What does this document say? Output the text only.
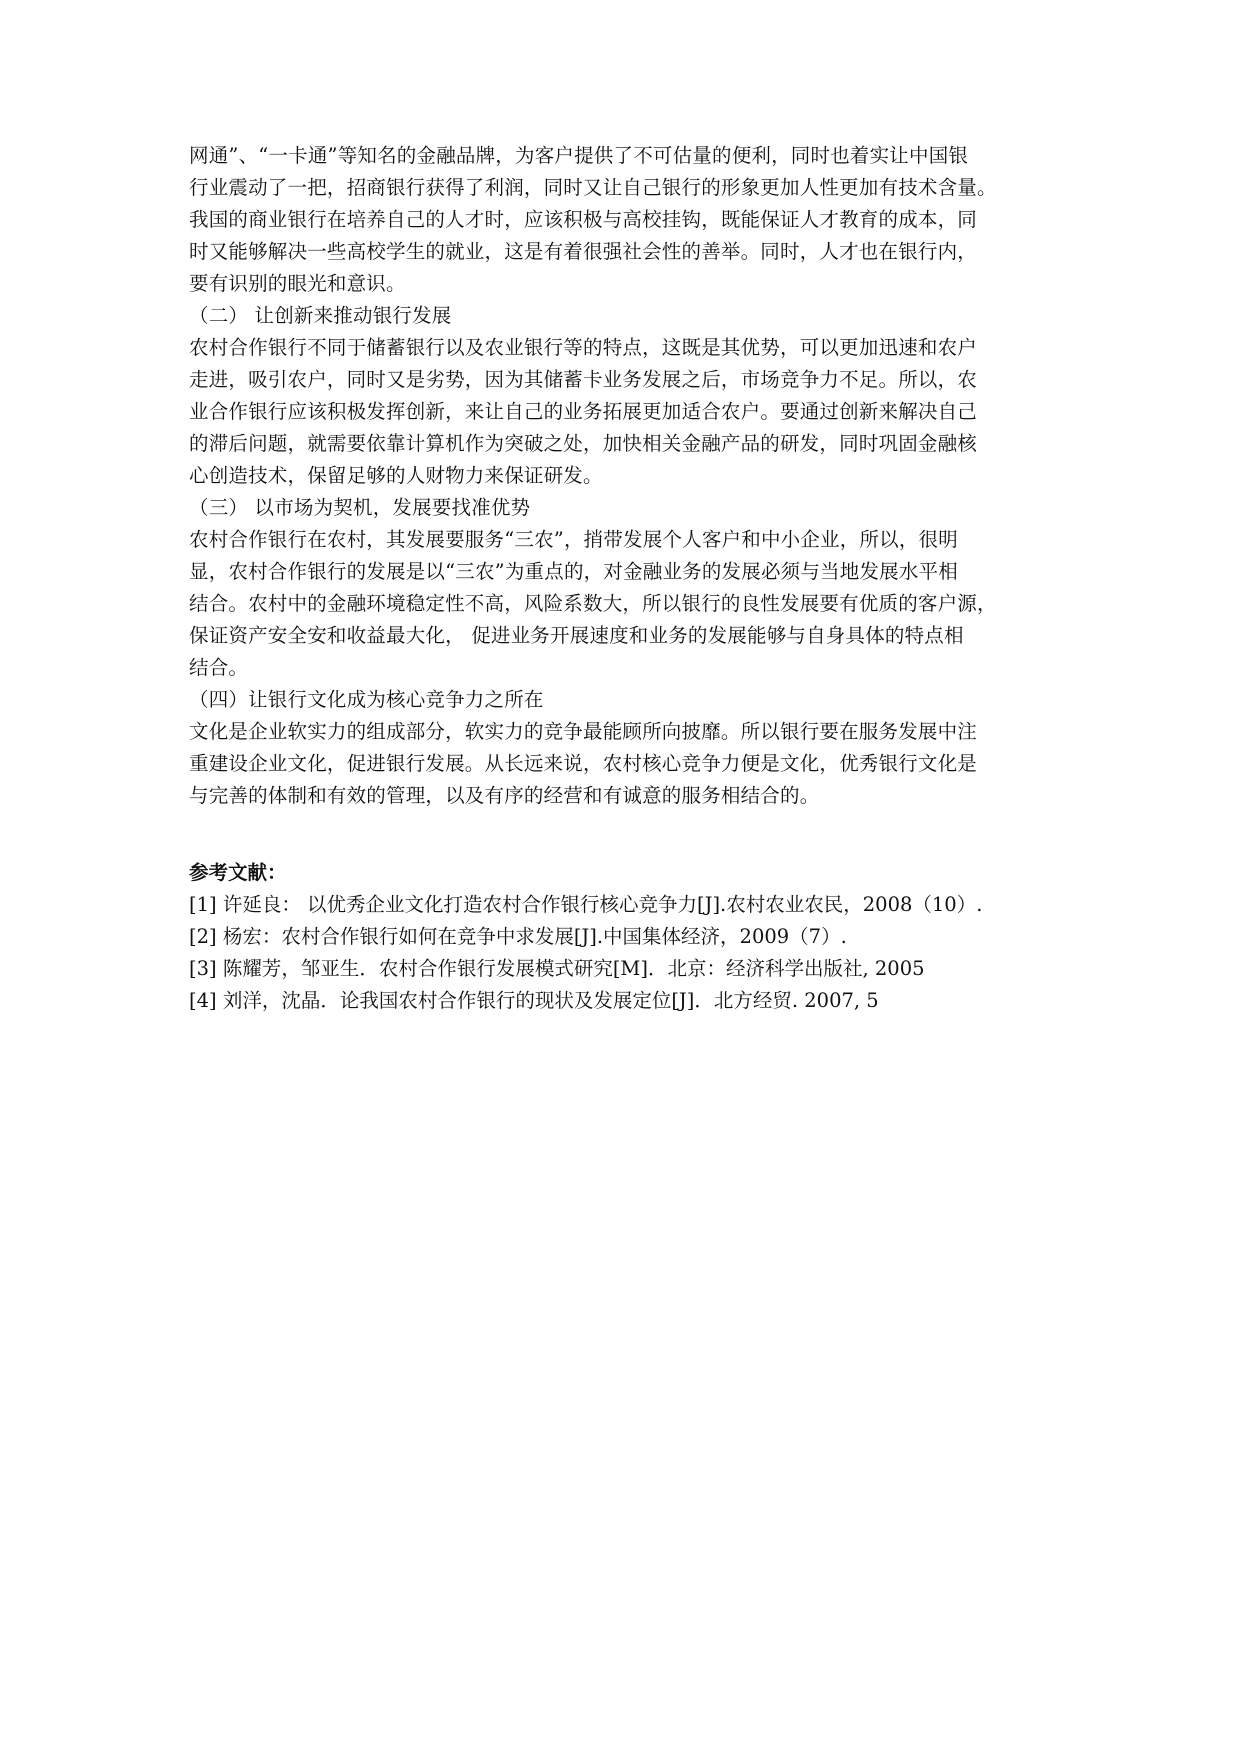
网通”、“一卡通”等知名的金融品牌，为客户提供了不可估量的便利，同时也着实让中国银
行业震动了一把，招商银行获得了利润，同时又让自己银行的形象更加人性更加有技术含量。
我国的商业银行在培养自己的人才时，应该积极与高校挂钩，既能保证人才教育的成本，同
时又能够解决一些高校学生的就业，这是有着很强社会性的善举。同时，人才也在银行内，
要有识别的眼光和意识。
（二） 让创新来推动银行发展
农村合作银行不同于储蓄银行以及农业银行等的特点，这既是其优势，可以更加迅速和农户
走进，吸引农户，同时又是劣势，因为其储蓄卡业务发展之后，市场竞争力不足。所以，农
业合作银行应该积极发挥创新，来让自己的业务拓展更加适合农户。要通过创新来解决自己
的滞后问题，就需要依靠计算机作为突破之处，加快相关金融产品的研发，同时巩固金融核
心创造技术，保留足够的人财物力来保证研发。
（三） 以市场为契机，发展要找准优势
农村合作银行在农村，其发展要服务“三农”，捎带发展个人客户和中小企业，所以，很明
显，农村合作银行的发展是以“三农”为重点的，对金融业务的发展必须与当地发展水平相
结合。农村中的金融环境稳定性不高，风险系数大，所以银行的良性发展要有优质的客户源，
保证资产安全安和收益最大化， 促进业务开展速度和业务的发展能够与自身具体的特点相
结合。
（四）让银行文化成为核心竞争力之所在
文化是企业软实力的组成部分，软实力的竞争最能顾所向披靡。所以银行要在服务发展中注
重建设企业文化，促进银行发展。从长远来说，农村核心竞争力便是文化，优秀银行文化是
与完善的体制和有效的管理，以及有序的经营和有诚意的服务相结合的。
参考文献：
[1] 许延良： 以优秀企业文化打造农村合作银行核心竞争力[J].农村农业农民，2008（10）.
[2] 杨宏：农村合作银行如何在竞争中求发展[J].中国集体经济，2009（7）.
[3] 陈耀芳，邹亚生．农村合作银行发展模式研究[M]．北京：经济科学出版社, 2005
[4] 刘洋，沈晶．论我国农村合作银行的现状及发展定位[J]．北方经贸. 2007, 5
